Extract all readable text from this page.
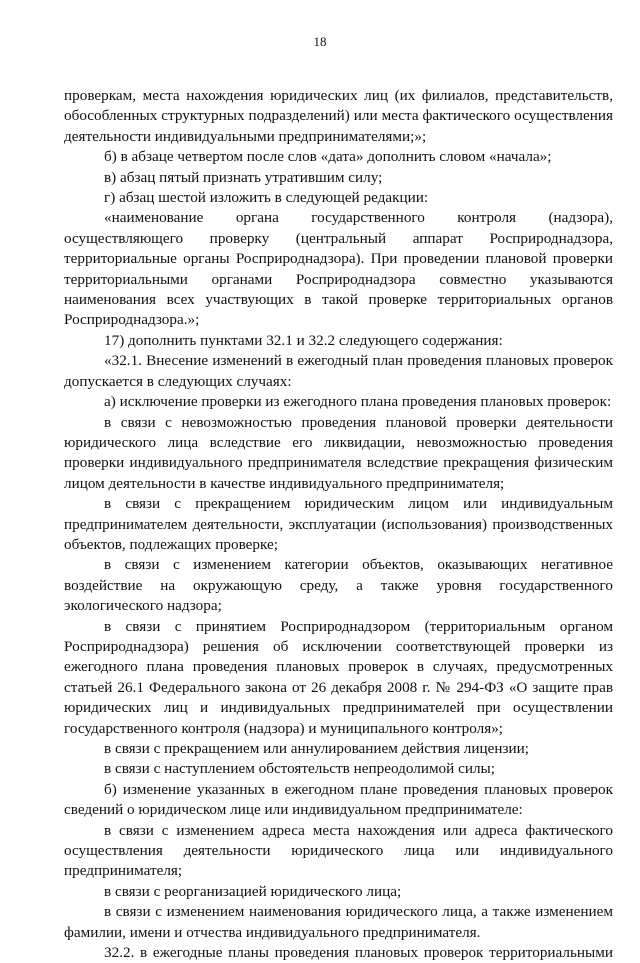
18

проверкам, места нахождения юридических лиц (их филиалов, представительств, обособленных структурных подразделений) или места фактического осуществления деятельности индивидуальными предпринимателями;»;

б) в абзаце четвертом после слов «дата» дополнить словом «начала»;

в) абзац пятый признать утратившим силу;

г) абзац шестой изложить в следующей редакции:

«наименование органа государственного контроля (надзора), осуществляющего проверку (центральный аппарат Росприроднадзора, территориальные органы Росприроднадзора). При проведении плановой проверки территориальными органами Росприроднадзора совместно указываются наименования всех участвующих в такой проверке территориальных органов Росприроднадзора.»;

17) дополнить пунктами 32.1 и 32.2 следующего содержания:

«32.1. Внесение изменений в ежегодный план проведения плановых проверок допускается в следующих случаях:

а) исключение проверки из ежегодного плана проведения плановых проверок:

в связи с невозможностью проведения плановой проверки деятельности юридического лица вследствие его ликвидации, невозможностью проведения проверки индивидуального предпринимателя вследствие прекращения физическим лицом деятельности в качестве индивидуального предпринимателя;

в связи с прекращением юридическим лицом или индивидуальным предпринимателем деятельности, эксплуатации (использования) производственных объектов, подлежащих проверке;

в связи с изменением категории объектов, оказывающих негативное воздействие на окружающую среду, а также уровня государственного экологического надзора;

в связи с принятием Росприроднадзором (территориальным органом Росприроднадзора) решения об исключении соответствующей проверки из ежегодного плана проведения плановых проверок в случаях, предусмотренных статьей 26.1 Федерального закона от 26 декабря 2008 г. № 294-ФЗ «О защите прав юридических лиц и индивидуальных предпринимателей при осуществлении государственного контроля (надзора) и муниципального контроля»;

в связи с прекращением или аннулированием действия лицензии;

в связи с наступлением обстоятельств непреодолимой силы;

б) изменение указанных в ежегодном плане проведения плановых проверок сведений о юридическом лице или индивидуальном предпринимателе:

в связи с изменением адреса места нахождения или адреса фактического осуществления деятельности юридического лица или индивидуального предпринимателя;

в связи с реорганизацией юридического лица;

в связи с изменением наименования юридического лица, а также изменением фамилии, имени и отчества индивидуального предпринимателя.

32.2. в ежегодные планы проведения плановых проверок территориальными
